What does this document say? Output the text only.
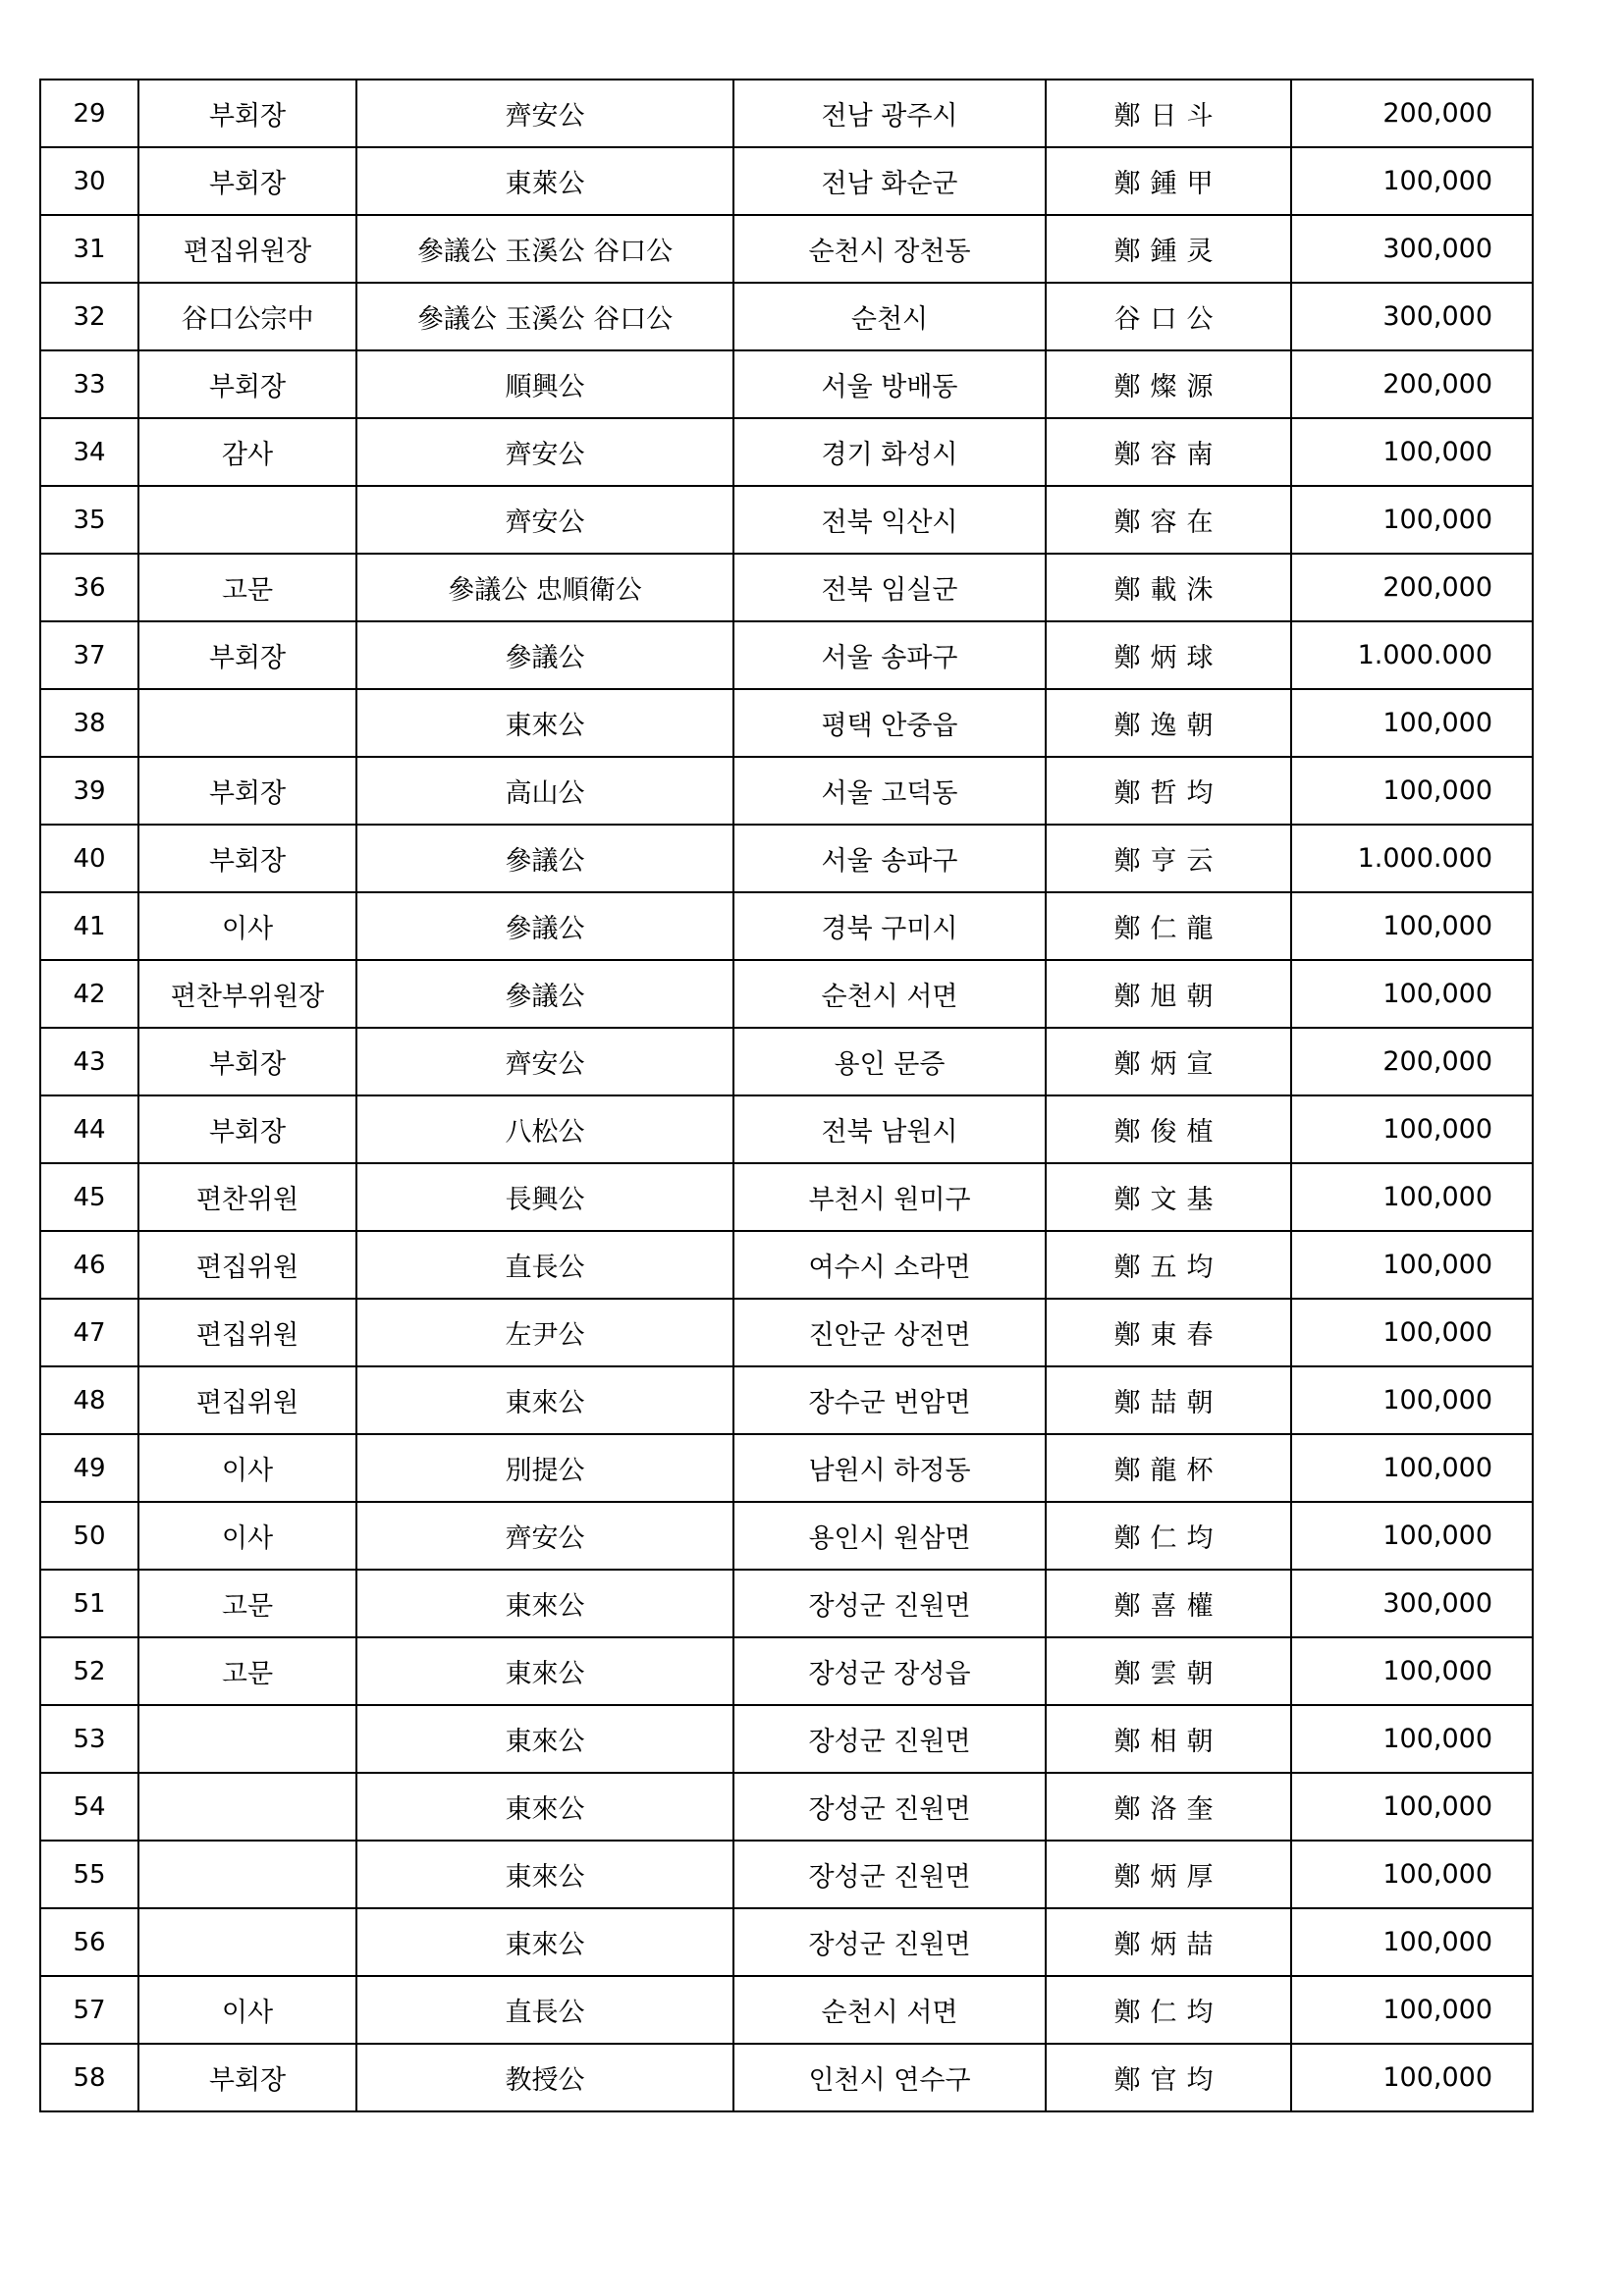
29	부회장	齊安公	전남 광주시	鄭日斗	200,000
30	부회장	東萊公	전남 화순군	鄭鍾甲	100,000
31	편집위원장	參議公 玉溪公 谷口公	순천시 장천동	鄭鍾灵	300,000
32	谷口公宗中	參議公 玉溪公 谷口公	순천시	谷口公	300,000
33	부회장	順興公	서울 방배동	鄭燦源	200,000
34	감사	齊安公	경기 화성시	鄭容南	100,000
35		齊安公	전북 익산시	鄭容在	100,000
36	고문	參議公 忠順衛公	전북 임실군	鄭載洙	200,000
37	부회장	參議公	서울 송파구	鄭炳球	1.000.000
38		東來公	평택 안중읍	鄭逸朝	100,000
39	부회장	高山公	서울 고덕동	鄭哲均	100,000
40	부회장	參議公	서울 송파구	鄭亨云	1.000.000
41	이사	參議公	경북 구미시	鄭仁龍	100,000
42	편찬부위원장	參議公	순천시 서면	鄭旭朝	100,000
43	부회장	齊安公	용인 문증	鄭炳宣	200,000
44	부회장	八松公	전북 남원시	鄭俊植	100,000
45	편찬위원	長興公	부천시 원미구	鄭文基	100,000
46	편집위원	直長公	여수시 소라면	鄭五均	100,000
47	편집위원	左尹公	진안군 상전면	鄭東春	100,000
48	편집위원	東來公	장수군 번암면	鄭喆朝	100,000
49	이사	別提公	남원시 하정동	鄭龍杯	100,000
50	이사	齊安公	용인시 원삼면	鄭仁均	100,000
51	고문	東來公	장성군 진원면	鄭喜權	300,000
52	고문	東來公	장성군 장성읍	鄭雲朝	100,000
53		東來公	장성군 진원면	鄭相朝	100,000
54		東來公	장성군 진원면	鄭洛奎	100,000
55		東來公	장성군 진원면	鄭炳厚	100,000
56		東來公	장성군 진원면	鄭炳喆	100,000
57	이사	直長公	순천시 서면	鄭仁均	100,000
58	부회장	教授公	인천시 연수구	鄭官均	100,000
